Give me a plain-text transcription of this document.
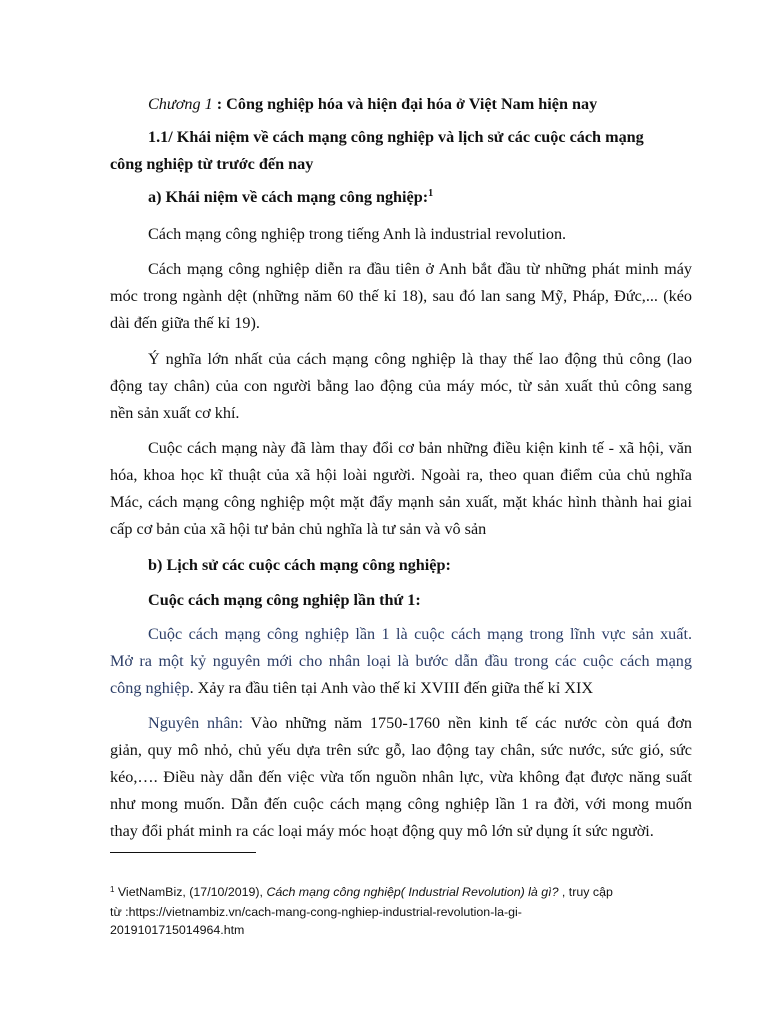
Chương 1 : Công nghiệp hóa và hiện đại hóa ở Việt Nam hiện nay
1.1/ Khái niệm về cách mạng công nghiệp và lịch sử các cuộc cách mạng
công nghiệp từ trước đến nay
a) Khái niệm về cách mạng công nghiệp:$^1$
Cách mạng công nghiệp trong tiếng Anh là industrial revolution.
Cách mạng công nghiệp diễn ra đầu tiên ở Anh bắt đầu từ những phát minh máy
móc trong ngành dệt (những năm 60 thế kỉ 18), sau đó lan sang Mỹ, Pháp, Đức,... (kéo
dài đến giữa thế kỉ 19).
Ý nghĩa lớn nhất của cách mạng công nghiệp là thay thế lao động thủ công (lao
động tay chân) của con người bằng lao động của máy móc, từ sản xuất thủ công sang
nền sản xuất cơ khí.
Cuộc cách mạng này đã làm thay đổi cơ bản những điều kiện kinh tế - xã hội, văn
hóa, khoa học kĩ thuật của xã hội loài người. Ngoài ra, theo quan điểm của chủ nghĩa
Mác, cách mạng công nghiệp một mặt đẩy mạnh sản xuất, mặt khác hình thành hai giai
cấp cơ bản của xã hội tư bản chủ nghĩa là tư sản và vô sản
b) Lịch sử các cuộc cách mạng công nghiệp:
Cuộc cách mạng công nghiệp lần thứ 1:
Cuộc cách mạng công nghiệp lần 1 là cuộc cách mạng trong lĩnh vực sản xuất.
Mở ra một kỷ nguyên mới cho nhân loại là bước dẫn đầu trong các cuộc cách mạng
công nghiệp. Xảy ra đầu tiên tại Anh vào thế kỉ XVIII đến giữa thế kỉ XIX
Nguyên nhân: Vào những năm 1750-1760 nền kinh tế các nước còn quá đơn
giản, quy mô nhỏ, chủ yếu dựa trên sức gỗ, lao động tay chân, sức nước, sức gió, sức
kéo,…. Điều này dẫn đến việc vừa tốn nguồn nhân lực, vừa không đạt được năng suất
như mong muốn. Dẫn đến cuộc cách mạng công nghiệp lần 1 ra đời, với mong muốn
thay đổi phát minh ra các loại máy móc hoạt động quy mô lớn sử dụng ít sức người.
$^1$ VietNamBiz, (17/10/2019), Cách mạng công nghiệp( Industrial Revolution) là gì? , truy cập
từ :https://vietnambiz.vn/cach-mang-cong-nghiep-industrial-revolution-la-gi-
2019101715014964.htm
